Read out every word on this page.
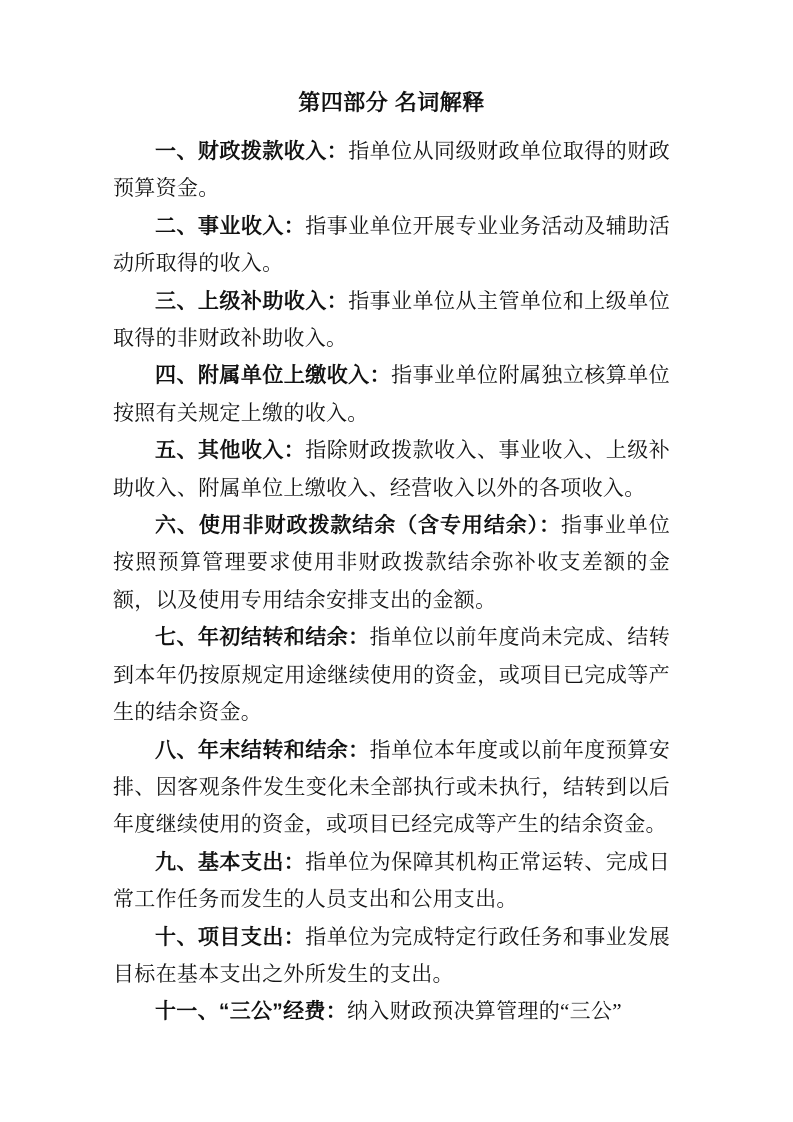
第四部分 名词解释

一、财政拨款收入：指单位从同级财政单位取得的财政预算资金。

二、事业收入：指事业单位开展专业业务活动及辅助活动所取得的收入。

三、上级补助收入：指事业单位从主管单位和上级单位取得的非财政补助收入。

四、附属单位上缴收入：指事业单位附属独立核算单位按照有关规定上缴的收入。

五、其他收入：指除财政拨款收入、事业收入、上级补助收入、附属单位上缴收入、经营收入以外的各项收入。

六、使用非财政拨款结余（含专用结余）：指事业单位按照预算管理要求使用非财政拨款结余弥补收支差额的金额，以及使用专用结余安排支出的金额。

七、年初结转和结余：指单位以前年度尚未完成、结转到本年仍按原规定用途继续使用的资金，或项目已完成等产生的结余资金。

八、年末结转和结余：指单位本年度或以前年度预算安排、因客观条件发生变化未全部执行或未执行，结转到以后年度继续使用的资金，或项目已经完成等产生的结余资金。

九、基本支出：指单位为保障其机构正常运转、完成日常工作任务而发生的人员支出和公用支出。

十、项目支出：指单位为完成特定行政任务和事业发展目标在基本支出之外所发生的支出。

十一、“三公”经费：纳入财政预决算管理的“三公”
